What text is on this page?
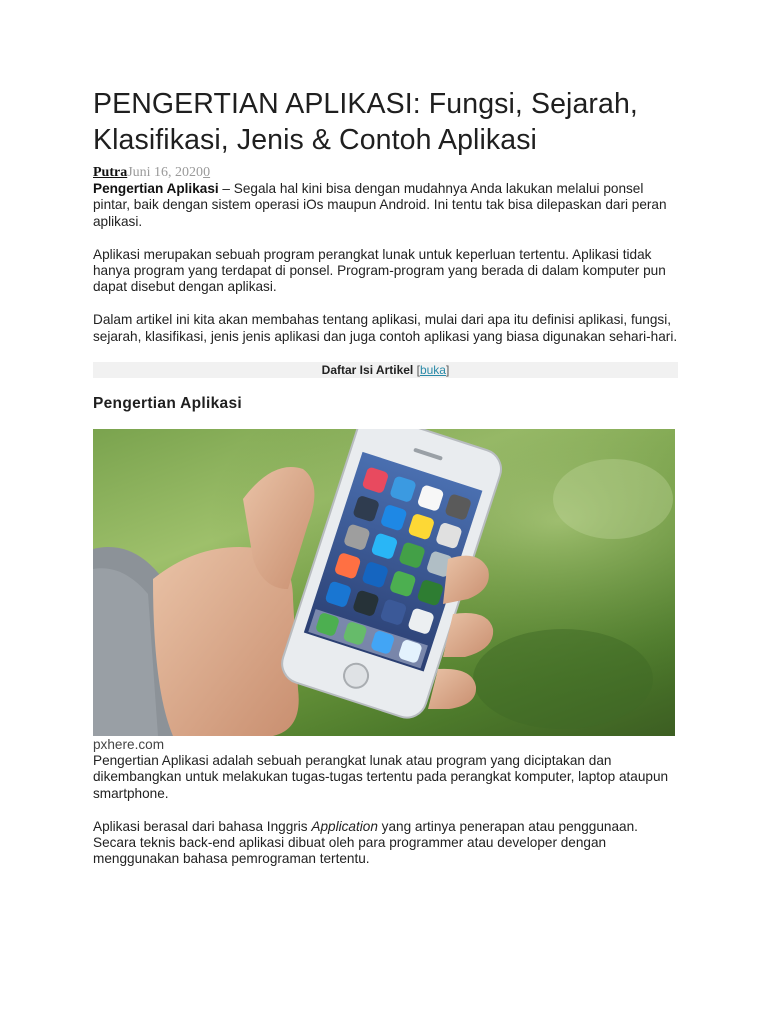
PENGERTIAN APLIKASI: Fungsi, Sejarah, Klasifikasi, Jenis & Contoh Aplikasi
PutraJuni 16, 20200

Pengertian Aplikasi – Segala hal kini bisa dengan mudahnya Anda lakukan melalui ponsel pintar, baik dengan sistem operasi iOs maupun Android. Ini tentu tak bisa dilepaskan dari peran aplikasi.

Aplikasi merupakan sebuah program perangkat lunak untuk keperluan tertentu. Aplikasi tidak hanya program yang terdapat di ponsel. Program-program yang berada di dalam komputer pun dapat disebut dengan aplikasi.

Dalam artikel ini kita akan membahas tentang aplikasi, mulai dari apa itu definisi aplikasi, fungsi, sejarah, klasifikasi, jenis jenis aplikasi dan juga contoh aplikasi yang biasa digunakan sehari-hari.

Daftar Isi Artikel [buka]
Pengertian Aplikasi
pxhere.com

Pengertian Aplikasi adalah sebuah perangkat lunak atau program yang diciptakan dan dikembangkan untuk melakukan tugas-tugas tertentu pada perangkat komputer, laptop ataupun smartphone.

Aplikasi berasal dari bahasa Inggris Application yang artinya penerapan atau penggunaan. Secara teknis back-end aplikasi dibuat oleh para programmer atau developer dengan menggunakan bahasa pemrograman tertentu.
